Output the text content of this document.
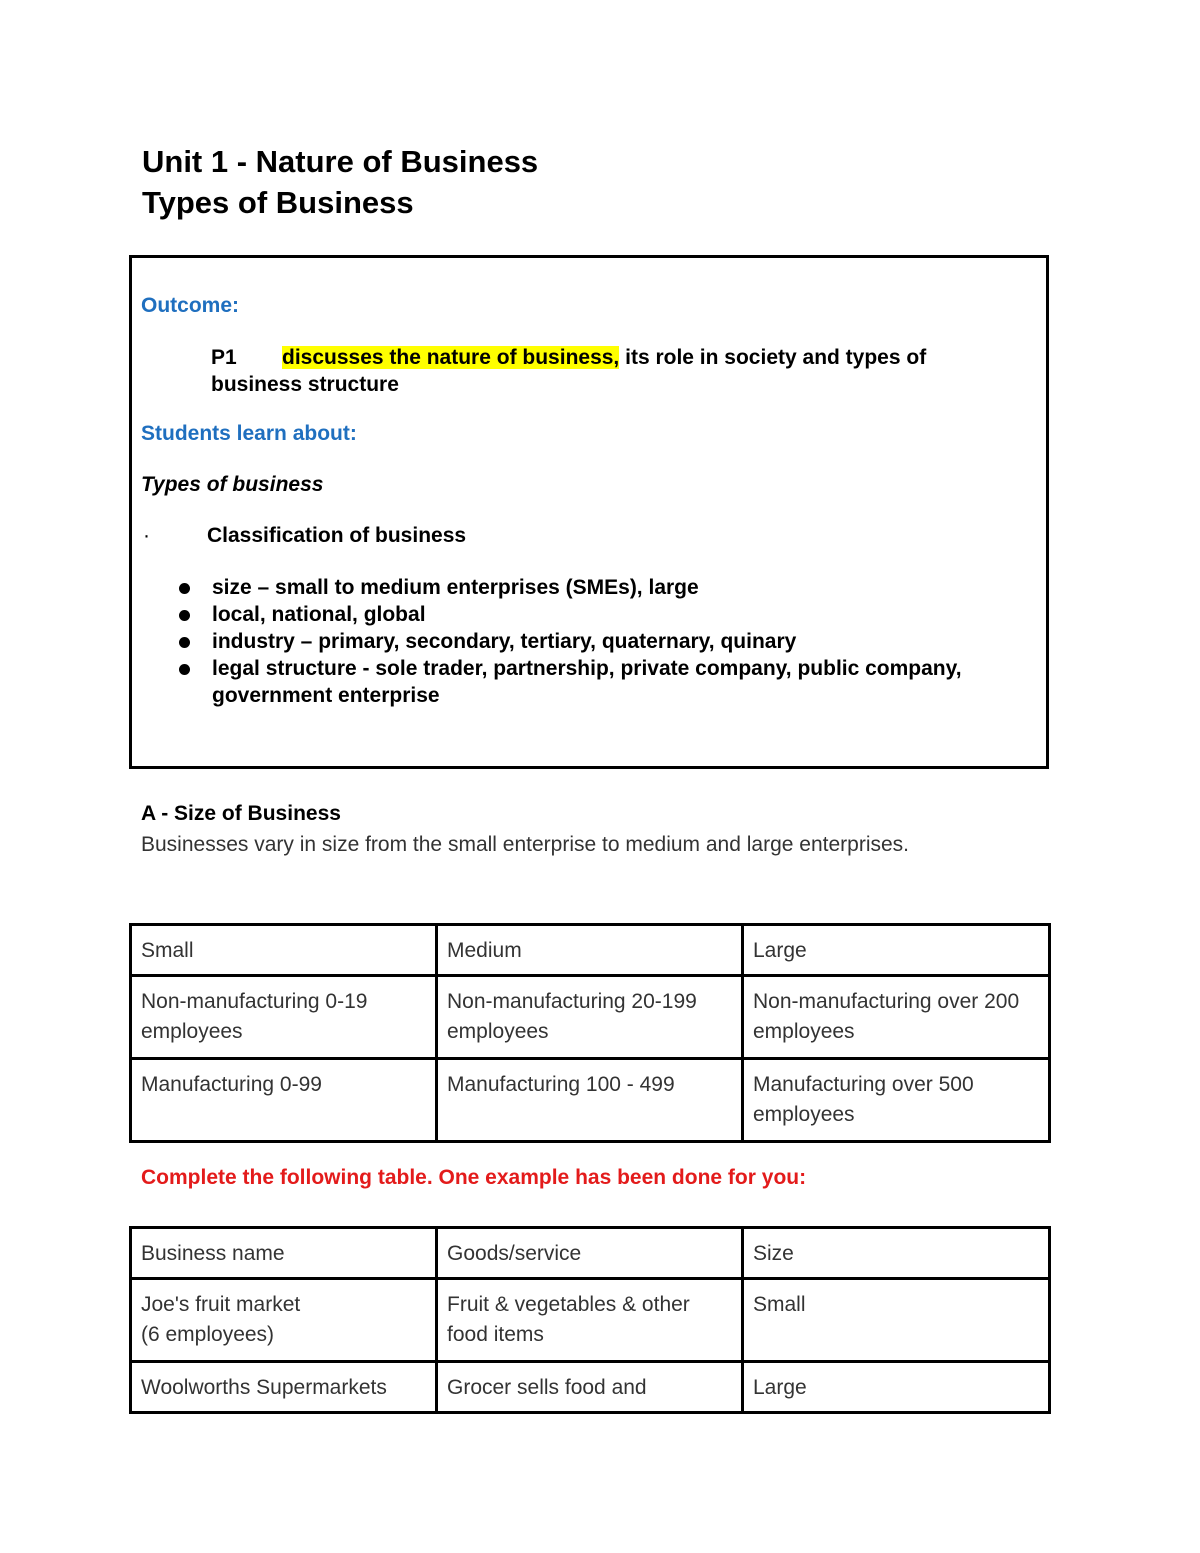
Unit 1 - Nature of Business
Types of Business
Outcome:
P1 discusses the nature of business, its role in society and types of business structure
Students learn about:
Types of business
·	Classification of business
size – small to medium enterprises (SMEs), large
local, national, global
industry – primary, secondary, tertiary, quaternary, quinary
legal structure - sole trader, partnership, private company, public company, government enterprise
A - Size of Business
Businesses vary in size from the small enterprise to medium and large enterprises.
Small	Medium	Large
Non-manufacturing 0-19 employees	Non-manufacturing 20-199 employees	Non-manufacturing over 200 employees
Manufacturing 0-99	Manufacturing 100 - 499	Manufacturing over 500 employees
Complete the following table. One example has been done for you:
Business name	Goods/service	Size
Joe's fruit market
(6 employees)	Fruit & vegetables & other food items	Small
Woolworths Supermarkets	Grocer sells food and	Large
